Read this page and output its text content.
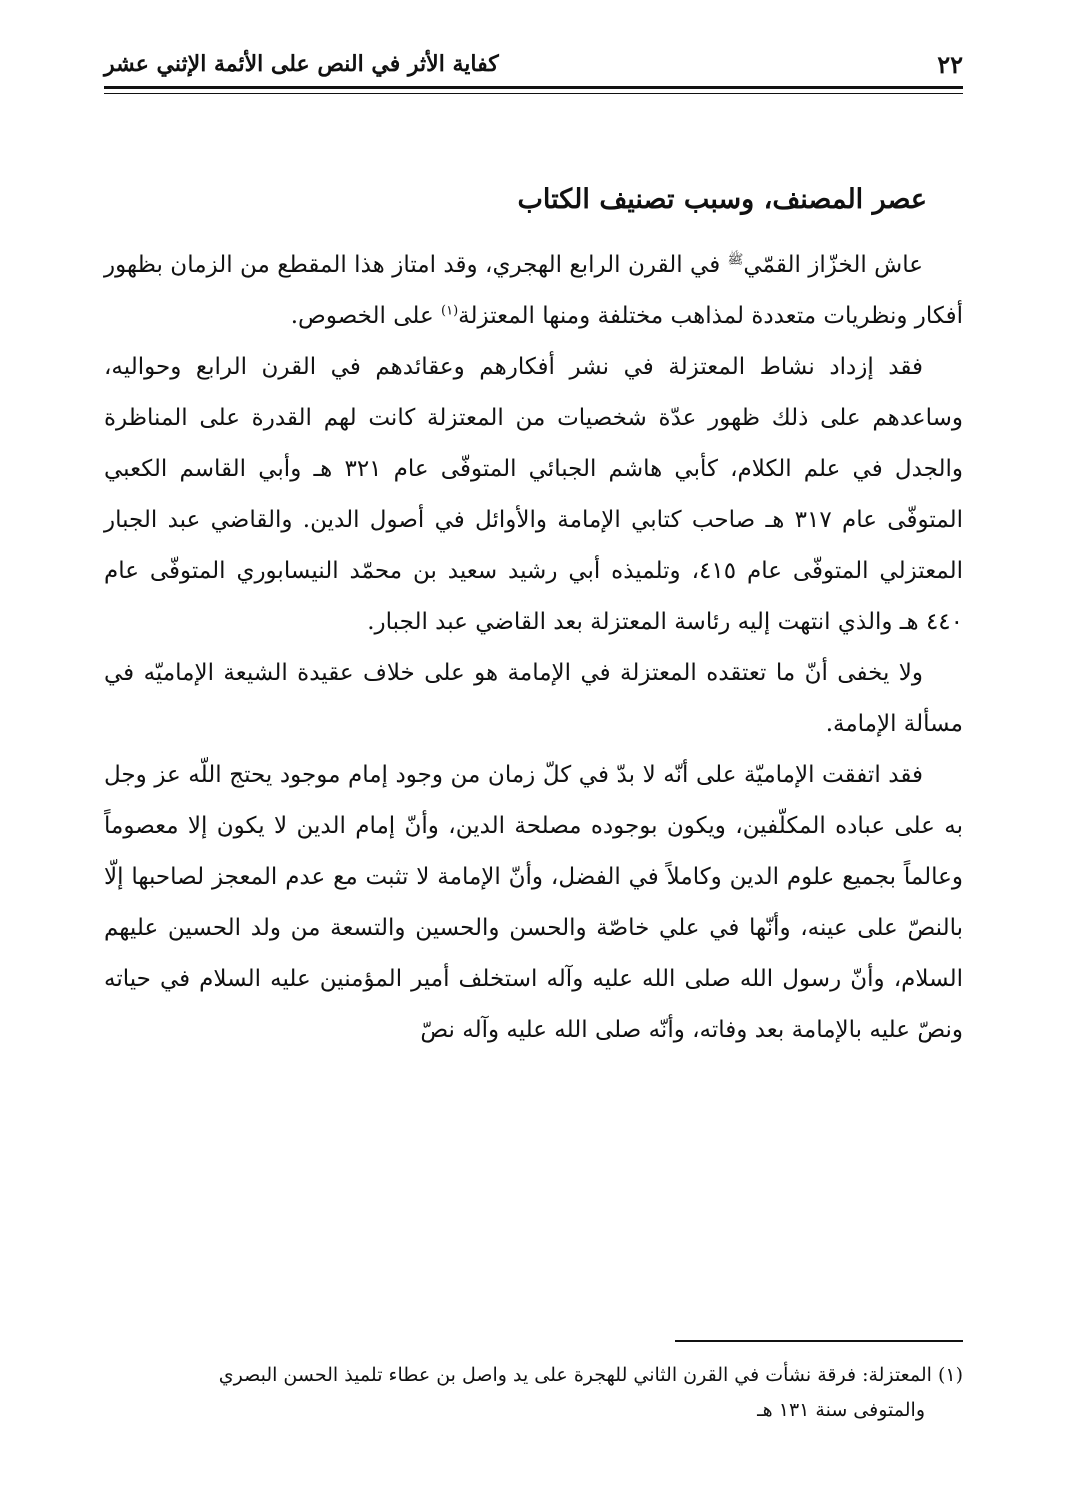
٢٢
كفاية الأثر في النص على الأئمة الإثني عشر
عصر المصنف، وسبب تصنيف الكتاب

عاش الخزّاز القمّي$^ﷺ$ في القرن الرابع الهجري، وقد امتاز هذا المقطع من الزمان بظهور أفكار ونظريات متعددة لمذاهب مختلفة ومنها المعتزلة$^{(١)}$ على الخصوص.

فقد إزداد نشاط المعتزلة في نشر أفكارهم وعقائدهم في القرن الرابع وحواليه، وساعدهم على ذلك ظهور عدّة شخصيات من المعتزلة كانت لهم القدرة على المناظرة والجدل في علم الكلام، كأبي هاشم الجبائي المتوفّى عام ٣٢١ هـ وأبي القاسم الكعبي المتوفّى عام ٣١٧ هـ صاحب كتابي الإمامة والأوائل في أصول الدين. والقاضي عبد الجبار المعتزلي المتوفّى عام ٤١٥، وتلميذه أبي رشيد سعيد بن محمّد النيسابوري المتوفّى عام ٤٤٠ هـ والذي انتهت إليه رئاسة المعتزلة بعد القاضي عبد الجبار.

ولا يخفى أنّ ما تعتقده المعتزلة في الإمامة هو على خلاف عقيدة الشيعة الإماميّه في مسألة الإمامة.

فقد اتفقت الإماميّة على أنّه لا بدّ في كلّ زمان من وجود إمام موجود يحتج اللّه عز وجل به على عباده المكلّفين، ويكون بوجوده مصلحة الدين، وأنّ إمام الدين لا يكون إلا معصوماً وعالماً بجميع علوم الدين وكاملاً في الفضل، وأنّ الإمامة لا تثبت مع عدم المعجز لصاحبها إلّا بالنصّ على عينه، وأنّها في علي خاصّة والحسن والحسين والتسعة من ولد الحسين عليهم السلام، وأنّ رسول الله صلى الله عليه وآله استخلف أمير المؤمنين عليه السلام في حياته ونصّ عليه بالإمامة بعد وفاته، وأنّه صلى الله عليه وآله نصّ

(١) المعتزلة: فرقة نشأت في القرن الثاني للهجرة على يد واصل بن عطاء تلميذ الحسن البصري
والمتوفى سنة ١٣١ هـ
